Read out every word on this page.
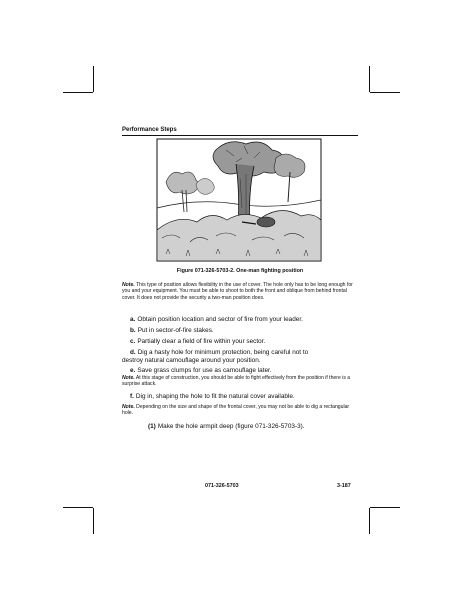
Performance Steps
Figure 071-326-5703-2. One-man fighting position
Note. This type of position allows flexibility in the use of cover. The hole only has to be long enough for you and your equipment. You must be able to shoot to both the front and oblique from behind frontal cover. It does not provide the security a two-man position does.
a. Obtain position location and sector of fire from your leader.
b. Put in sector-of-fire stakes.
c. Partially clear a field of fire within your sector.
d. Dig a hasty hole for minimum protection, being careful not to
destroy natural camouflage around your position.
e. Save grass clumps for use as camouflage later.
Note. At this stage of construction, you should be able to fight effectively from the position if there is a surprise attack.
f. Dig in, shaping the hole to fit the natural cover available.
Note. Depending on the size and shape of the frontal cover, you may not be able to dig a rectangular hole.
(1) Make the hole armpit deep (figure 071-326-5703-3).
071-326-5703	3-187
